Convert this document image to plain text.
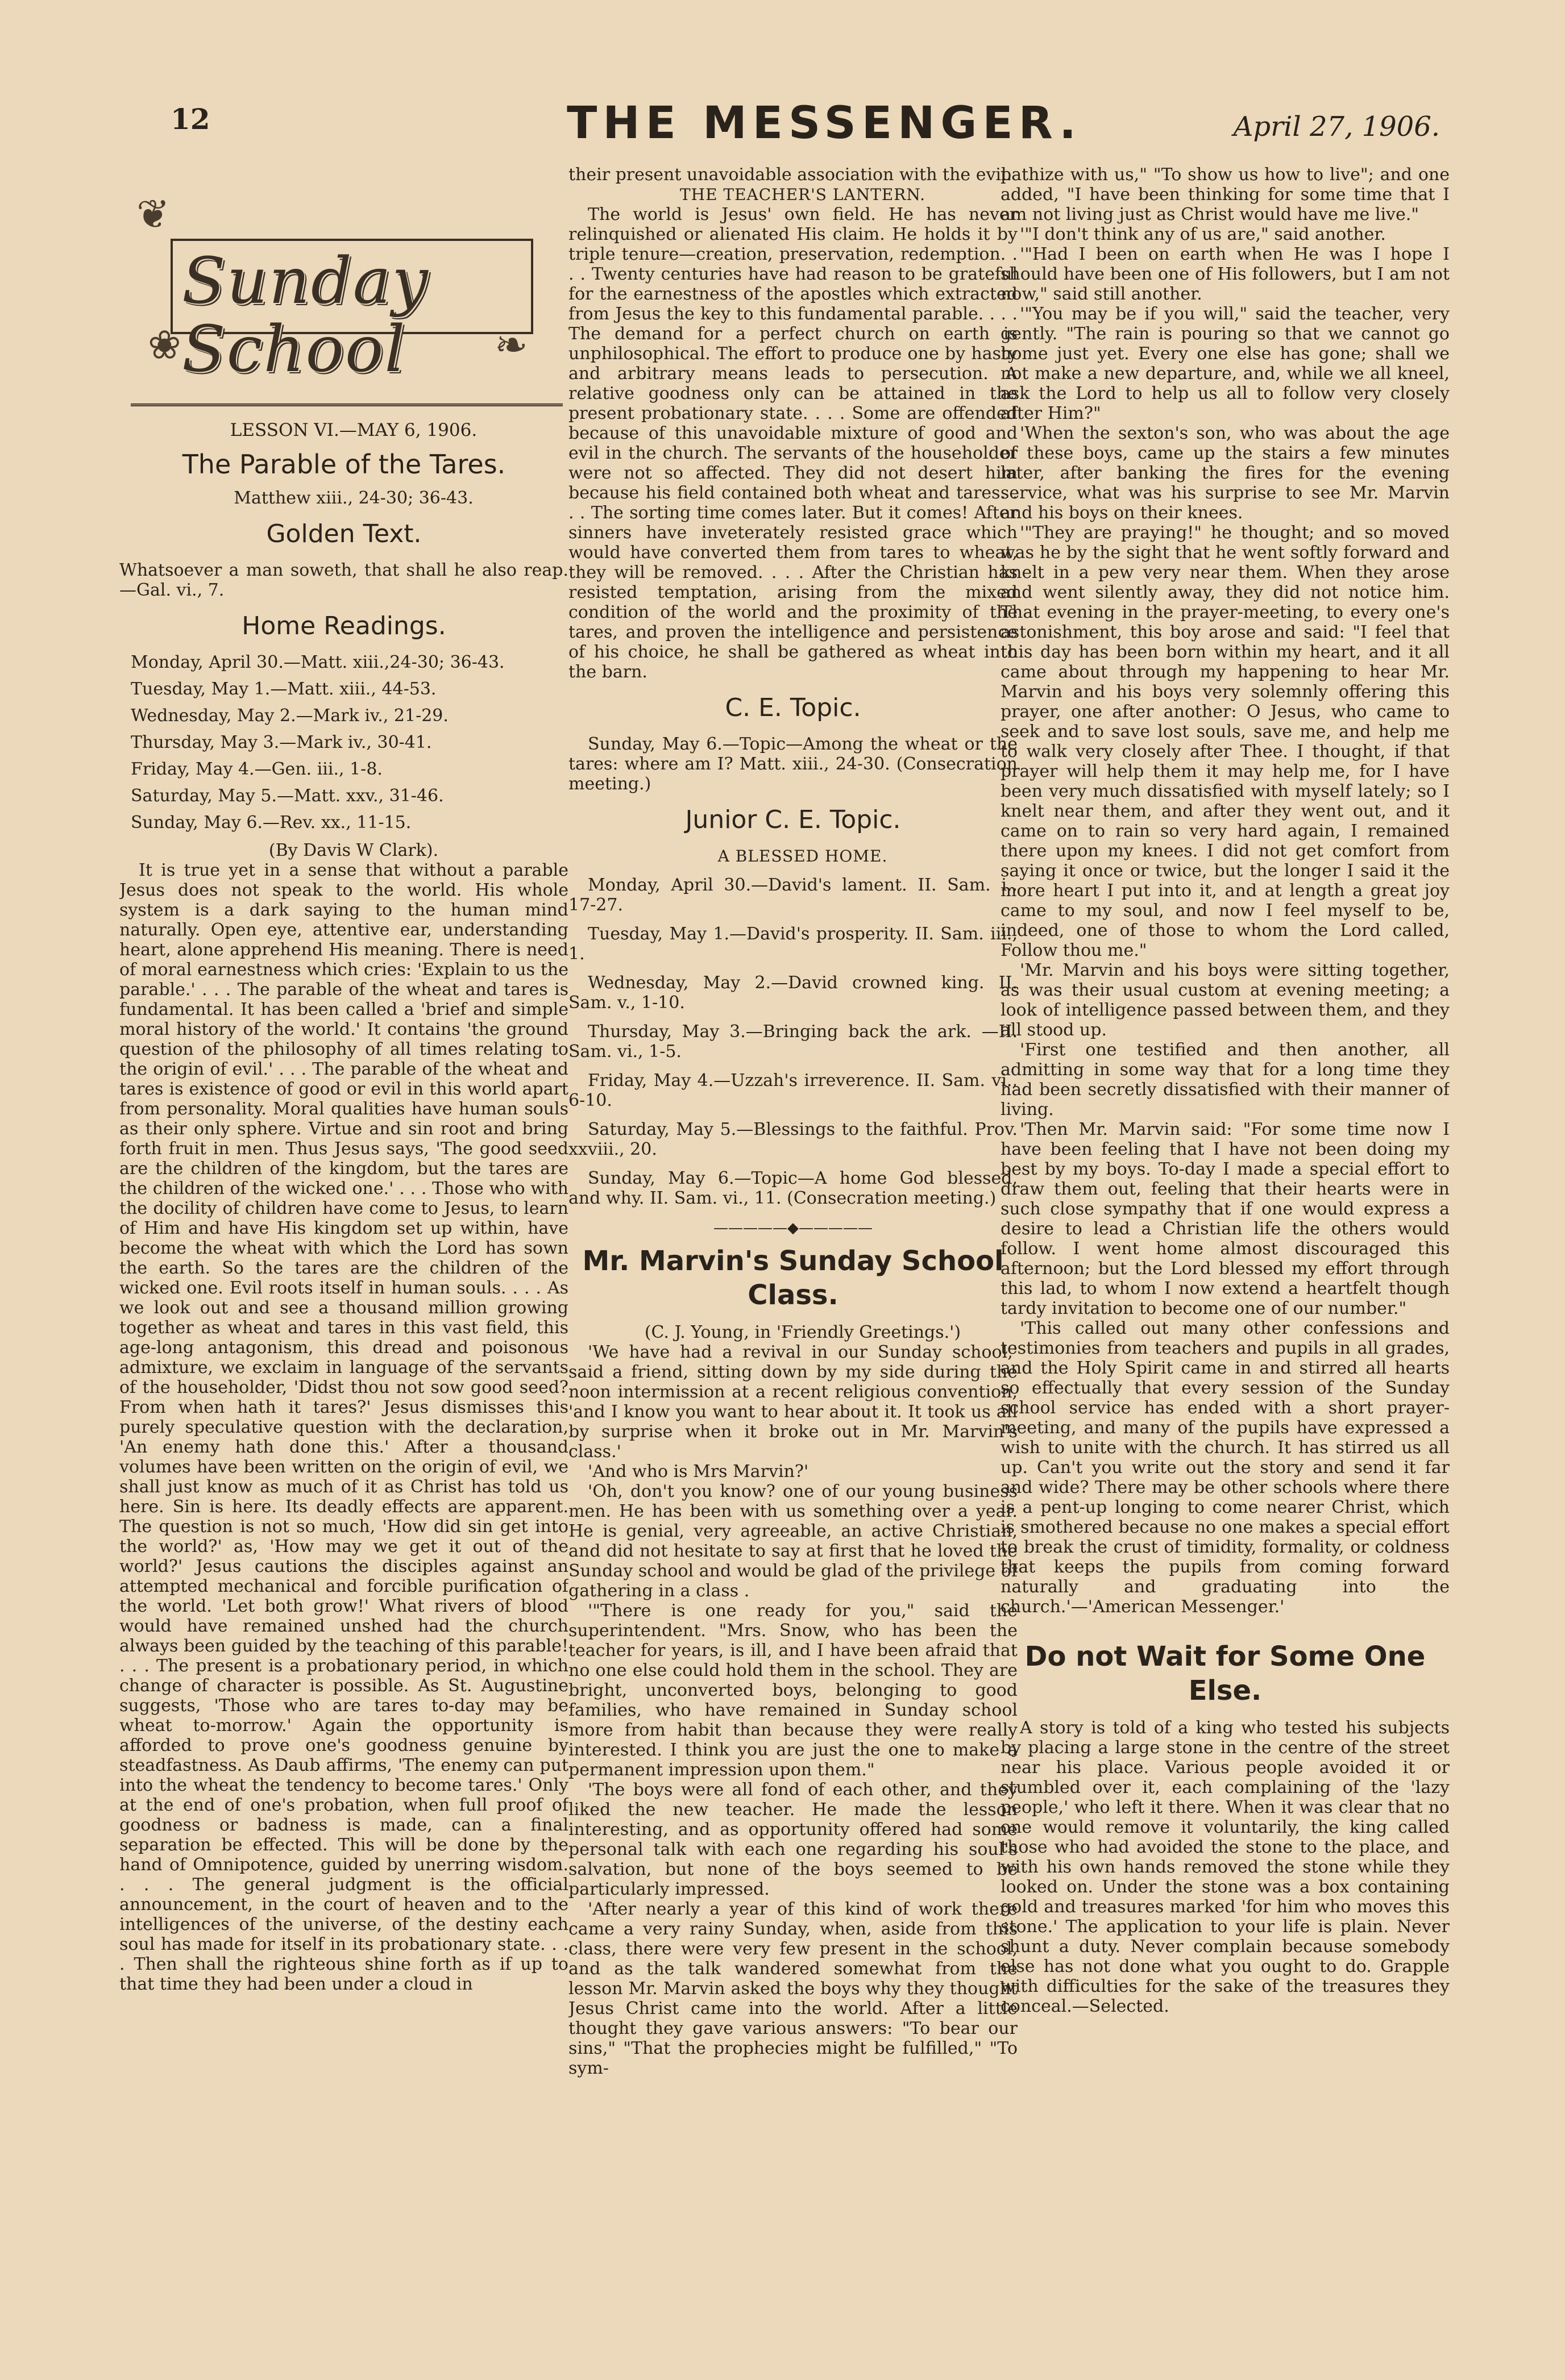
12	THE MESSENGER.	April 27, 1906.
❦
❧
❀
Sunday School

LESSON VI.—MAY 6, 1906.

The Parable of the Tares.

Matthew xiii., 24-30; 36-43.

Golden Text.

Whatsoever a man soweth, that shall he also reap.—Gal. vi., 7.

Home Readings.
Monday, April 30.—Matt. xiii.,24-30; 36-43.
Tuesday, May 1.—Matt. xiii., 44-53.
Wednesday, May 2.—Mark iv., 21-29.
Thursday, May 3.—Mark iv., 30-41.
Friday, May 4.—Gen. iii., 1-8.
Saturday, May 5.—Matt. xxv., 31-46.
Sunday, May 6.—Rev. xx., 11-15.

(By Davis W Clark).

It is true yet in a sense that without a parable Jesus does not speak to the world. His whole system is a dark saying to the human mind naturally. Open eye, attentive ear, understanding heart, alone apprehend His meaning. There is need of moral earnestness which cries: 'Explain to us the parable.' . . . The parable of the wheat and tares is fundamental. It has been called a 'brief and simple moral history of the world.' It contains 'the ground question of the philosophy of all times relating to the origin of evil.' . . . The parable of the wheat and tares is existence of good or evil in this world apart from personality. Moral qualities have human souls as their only sphere. Virtue and sin root and bring forth fruit in men. Thus Jesus says, 'The good seed are the children of the kingdom, but the tares are the children of the wicked one.' . . . Those who with the docility of children have come to Jesus, to learn of Him and have His kingdom set up within, have become the wheat with which the Lord has sown the earth. So the tares are the children of the wicked one. Evil roots itself in human souls. . . . As we look out and see a thousand million growing together as wheat and tares in this vast field, this age-long antagonism, this dread and poisonous admixture, we exclaim in language of the servants of the householder, 'Didst thou not sow good seed? From when hath it tares?' Jesus dismisses this purely speculative question with the declaration, 'An enemy hath done this.' After a thousand volumes have been written on the origin of evil, we shall just know as much of it as Christ has told us here. Sin is here. Its deadly effects are apparent. The question is not so much, 'How did sin get into the world?' as, 'How may we get it out of the world?' Jesus cautions the disciples against an attempted mechanical and forcible purification of the world. 'Let both grow!' What rivers of blood would have remained unshed had the church always been guided by the teaching of this parable! . . . The present is a probationary period, in which change of character is possible. As St. Augustine suggests, 'Those who are tares to-day may be wheat to-morrow.' Again the opportunity is afforded to prove one's goodness genuine by steadfastness. As Daub affirms, 'The enemy can put into the wheat the tendency to become tares.' Only at the end of one's probation, when full proof of goodness or badness is made, can a final separation be effected. This will be done by the hand of Omnipotence, guided by unerring wisdom. . . . The general judgment is the official announcement, in the court of heaven and to the intelligences of the universe, of the destiny each soul has made for itself in its probationary state. . . . Then shall the righteous shine forth as if up to that time they had been under a cloud in

their present unavoidable association with the evil.

THE TEACHER'S LANTERN.

The world is Jesus' own field. He has never relinquished or alienated His claim. He holds it by triple tenure—creation, preservation, redemption. . . . Twenty centuries have had reason to be grateful for the earnestness of the apostles which extracted from Jesus the key to this fundamental parable. . . . The demand for a perfect church on earth is unphilosophical. The effort to produce one by hasty and arbitrary means leads to persecution. A relative goodness only can be attained in the present probationary state. . . . Some are offended because of this unavoidable mixture of good and evil in the church. The servants of the householder were not so affected. They did not desert him because his field contained both wheat and tares. . . . The sorting time comes later. But it comes! After sinners have inveterately resisted grace which would have converted them from tares to wheat, they will be removed. . . . After the Christian has resisted temptation, arising from the mixed condition of the world and the proximity of the tares, and proven the intelligence and persistence of his choice, he shall be gathered as wheat into the barn.

C. E. Topic.

Sunday, May 6.—Topic—Among the wheat or the tares: where am I? Matt. xiii., 24-30. (Consecration meeting.)

Junior C. E. Topic.

A BLESSED HOME.

Monday, April 30.—David's lament. II. Sam. i., 17-27.

Tuesday, May 1.—David's prosperity. II. Sam. iii., 1.

Wednesday, May 2.—David crowned king. II. Sam. v., 1-10.

Thursday, May 3.—Bringing back the ark. —II. Sam. vi., 1-5.

Friday, May 4.—Uzzah's irreverence. II. Sam. vi., 6-10.

Saturday, May 5.—Blessings to the faithful. Prov. xxviii., 20.

Sunday, May 6.—Topic—A home God blessed, and why. II. Sam. vi., 11. (Consecration meeting.)

—————◆—————
Mr. Marvin's Sunday School Class.

(C. J. Young, in 'Friendly Greetings.')

'We have had a revival in our Sunday school,' said a friend, sitting down by my side during the noon intermission at a recent religious convention, 'and I know you want to hear about it. It took us all by surprise when it broke out in Mr. Marvin's class.'

'And who is Mrs Marvin?'

'Oh, don't you know? one of our young business men. He has been with us something over a year. He is genial, very agreeable, an active Christian, and did not hesitate to say at first that he loved the Sunday school and would be glad of the privilege of gathering in a class .

'"There is one ready for you," said the superintendent. "Mrs. Snow, who has been the teacher for years, is ill, and I have been afraid that no one else could hold them in the school. They are bright, unconverted boys, belonging to good families, who have remained in Sunday school more from habit than because they were really interested. I think you are just the one to make a permanent impression upon them."

'The boys were all fond of each other, and they liked the new teacher. He made the lesson interesting, and as opportunity offered had some personal talk with each one regarding his soul's salvation, but none of the boys seemed to be particularly impressed.

'After nearly a year of this kind of work there came a very rainy Sunday, when, aside from this class, there were very few present in the school, and as the talk wandered somewhat from the lesson Mr. Marvin asked the boys why they thought Jesus Christ came into the world. After a little thought they gave various answers: "To bear our sins," "That the prophecies might be fulfilled," "To sym-

pathize with us," "To show us how to live"; and one added, "I have been thinking for some time that I am not living just as Christ would have me live."

'"I don't think any of us are," said another.

'"Had I been on earth when He was I hope I should have been one of His followers, but I am not now," said still another.

'"You may be if you will," said the teacher, very gently. "The rain is pouring so that we cannot go home just yet. Every one else has gone; shall we not make a new departure, and, while we all kneel, ask the Lord to help us all to follow very closely after Him?"

'When the sexton's son, who was about the age of these boys, came up the stairs a few minutes later, after banking the fires for the evening service, what was his surprise to see Mr. Marvin and his boys on their knees.

'"They are praying!" he thought; and so moved was he by the sight that he went softly forward and knelt in a pew very near them. When they arose and went silently away, they did not notice him. That evening in the prayer-meeting, to every one's astonishment, this boy arose and said: "I feel that this day has been born within my heart, and it all came about through my happening to hear Mr. Marvin and his boys very solemnly offering this prayer, one after another: O Jesus, who came to seek and to save lost souls, save me, and help me to walk very closely after Thee. I thought, if that prayer will help them it may help me, for I have been very much dissatisfied with myself lately; so I knelt near them, and after they went out, and it came on to rain so very hard again, I remained there upon my knees. I did not get comfort from saying it once or twice, but the longer I said it the more heart I put into it, and at length a great joy came to my soul, and now I feel myself to be, indeed, one of those to whom the Lord called, Follow thou me."

'Mr. Marvin and his boys were sitting together, as was their usual custom at evening meeting; a look of intelligence passed between them, and they all stood up.

'First one testified and then another, all admitting in some way that for a long time they had been secretly dissatisfied with their manner of living.

'Then Mr. Marvin said: "For some time now I have been feeling that I have not been doing my best by my boys. To-day I made a special effort to draw them out, feeling that their hearts were in such close sympathy that if one would express a desire to lead a Christian life the others would follow. I went home almost discouraged this afternoon; but the Lord blessed my effort through this lad, to whom I now extend a heartfelt though tardy invitation to become one of our number."

'This called out many other confessions and testimonies from teachers and pupils in all grades, and the Holy Spirit came in and stirred all hearts so effectually that every session of the Sunday school service has ended with a short prayer-meeting, and many of the pupils have expressed a wish to unite with the church. It has stirred us all up. Can't you write out the story and send it far and wide? There may be other schools where there is a pent-up longing to come nearer Christ, which is smothered because no one makes a special effort to break the crust of timidity, formality, or coldness that keeps the pupils from coming forward naturally and graduating into the church.'—'American Messenger.'

Do not Wait for Some One Else.

A story is told of a king who tested his subjects by placing a large stone in the centre of the street near his place. Various people avoided it or stumbled over it, each complaining of the 'lazy people,' who left it there. When it was clear that no one would remove it voluntarily, the king called those who had avoided the stone to the place, and with his own hands removed the stone while they looked on. Under the stone was a box containing gold and treasures marked 'for him who moves this stone.' The application to your life is plain. Never shunt a duty. Never complain because somebody else has not done what you ought to do. Grapple with difficulties for the sake of the treasures they conceal.—Selected.
